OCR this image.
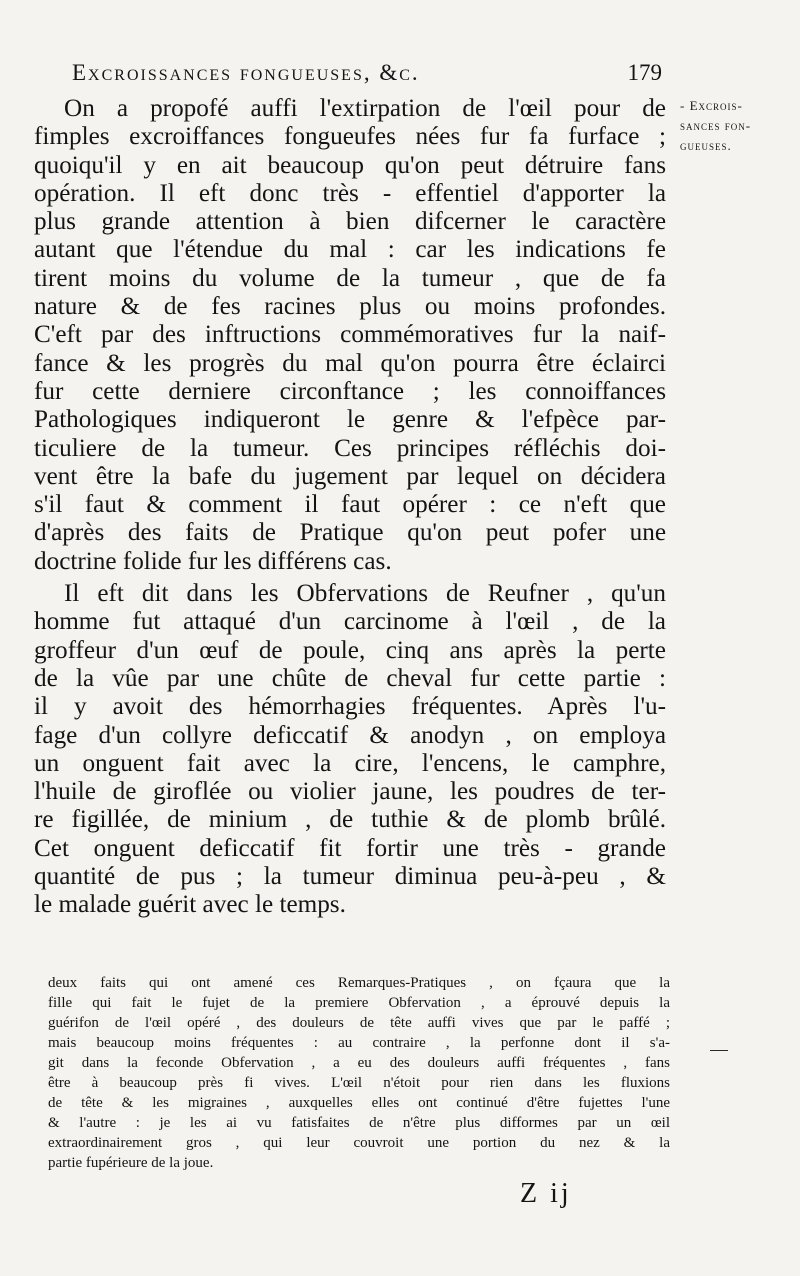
Excroissances fongueuses, &c.	179
- Excrois-
sances fon-
gueuses.
On a propofé auffi l'extirpation de l'œil pour de
fimples excroiffances fongueufes nées fur fa furface ;
quoiqu'il y en ait beaucoup qu'on peut détruire fans
opération. Il eft donc très - effentiel d'apporter la
plus grande attention à bien difcerner le caractère
autant que l'étendue du mal : car les indications fe
tirent moins du volume de la tumeur , que de fa
nature & de fes racines plus ou moins profondes.
C'eft par des inftructions commémoratives fur la naif-
fance & les progrès du mal qu'on pourra être éclairci
fur cette derniere circonftance ; les connoiffances
Pathologiques indiqueront le genre & l'efpèce par-
ticuliere de la tumeur. Ces principes réfléchis doi-
vent être la bafe du jugement par lequel on décidera
s'il faut & comment il faut opérer : ce n'eft que
d'après des faits de Pratique qu'on peut pofer une
doctrine folide fur les différens cas.
Il eft dit dans les Obfervations de Reufner , qu'un
homme fut attaqué d'un carcinome à l'œil , de la
groffeur d'un œuf de poule, cinq ans après la perte
de la vûe par une chûte de cheval fur cette partie :
il y avoit des hémorrhagies fréquentes. Après l'u-
fage d'un collyre deficcatif & anodyn , on employa
un onguent fait avec la cire, l'encens, le camphre,
l'huile de giroflée ou violier jaune, les poudres de ter-
re figillée, de minium , de tuthie & de plomb brûlé.
Cet onguent deficcatif fit fortir une très - grande
quantité de pus ; la tumeur diminua peu-à-peu , &
le malade guérit avec le temps.
deux faits qui ont amené ces Remarques-Pratiques , on fçaura que la
fille qui fait le fujet de la premiere Obfervation , a éprouvé depuis la
guérifon de l'œil opéré , des douleurs de tête auffi vives que par le paffé ;
mais beaucoup moins fréquentes : au contraire , la perfonne dont il s'a-
git dans la feconde Obfervation , a eu des douleurs auffi fréquentes , fans
être à beaucoup près fi vives. L'œil n'étoit pour rien dans les fluxions
de tête & les migraines , auxquelles elles ont continué d'être fujettes l'une
& l'autre : je les ai vu fatisfaites de n'être plus difformes par un œil
extraordinairement gros , qui leur couvroit une portion du nez & la
partie fupérieure de la joue.
Z ij
